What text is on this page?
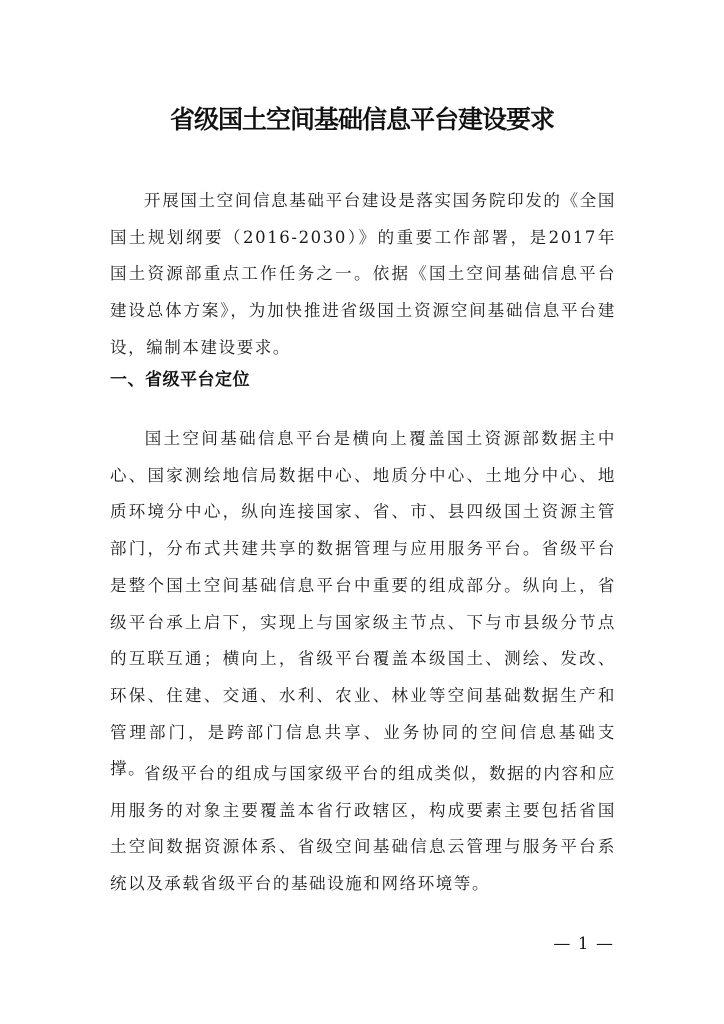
省级国土空间基础信息平台建设要求

开展国土空间信息基础平台建设是落实国务院印发的《全国国土规划纲要（2016-2030）》的重要工作部署，是2017年国土资源部重点工作任务之一。依据《国土空间基础信息平台建设总体方案》，为加快推进省级国土资源空间基础信息平台建设，编制本建设要求。

一、省级平台定位

国土空间基础信息平台是横向上覆盖国土资源部数据主中心、国家测绘地信局数据中心、地质分中心、土地分中心、地质环境分中心，纵向连接国家、省、市、县四级国土资源主管部门，分布式共建共享的数据管理与应用服务平台。省级平台是整个国土空间基础信息平台中重要的组成部分。纵向上，省级平台承上启下，实现上与国家级主节点、下与市县级分节点的互联互通；横向上，省级平台覆盖本级国土、测绘、发改、环保、住建、交通、水利、农业、林业等空间基础数据生产和管理部门，是跨部门信息共享、业务协同的空间信息基础支撑。

省级平台的组成与国家级平台的组成类似，数据的内容和应用服务的对象主要覆盖本省行政辖区，构成要素主要包括省国土空间数据资源体系、省级空间基础信息云管理与服务平台系统以及承载省级平台的基础设施和网络环境等。

— 1 —
